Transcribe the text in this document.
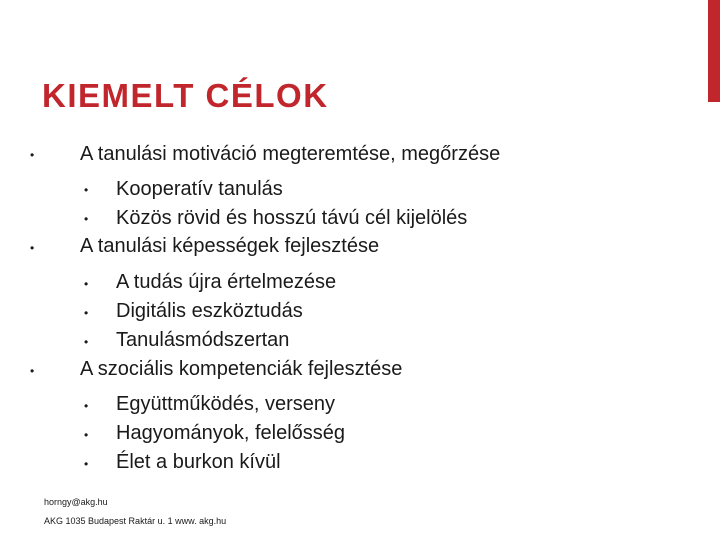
KIEMELT CÉLOK
• A tanulási motiváció megteremtése, megőrzése
• Kooperatív tanulás
• Közös rövid és hosszú távú cél kijelölés
• A tanulási képességek fejlesztése
• A tudás újra értelmezése
• Digitális eszköztudás
• Tanulásmódszertan
• A szociális kompetenciák fejlesztése
• Együttműködés, verseny
• Hagyományok, felelősség
• Élet a burkon kívül
horngy@akg.hu
AKG 1035 Budapest Raktár u. 1 www. akg.hu
